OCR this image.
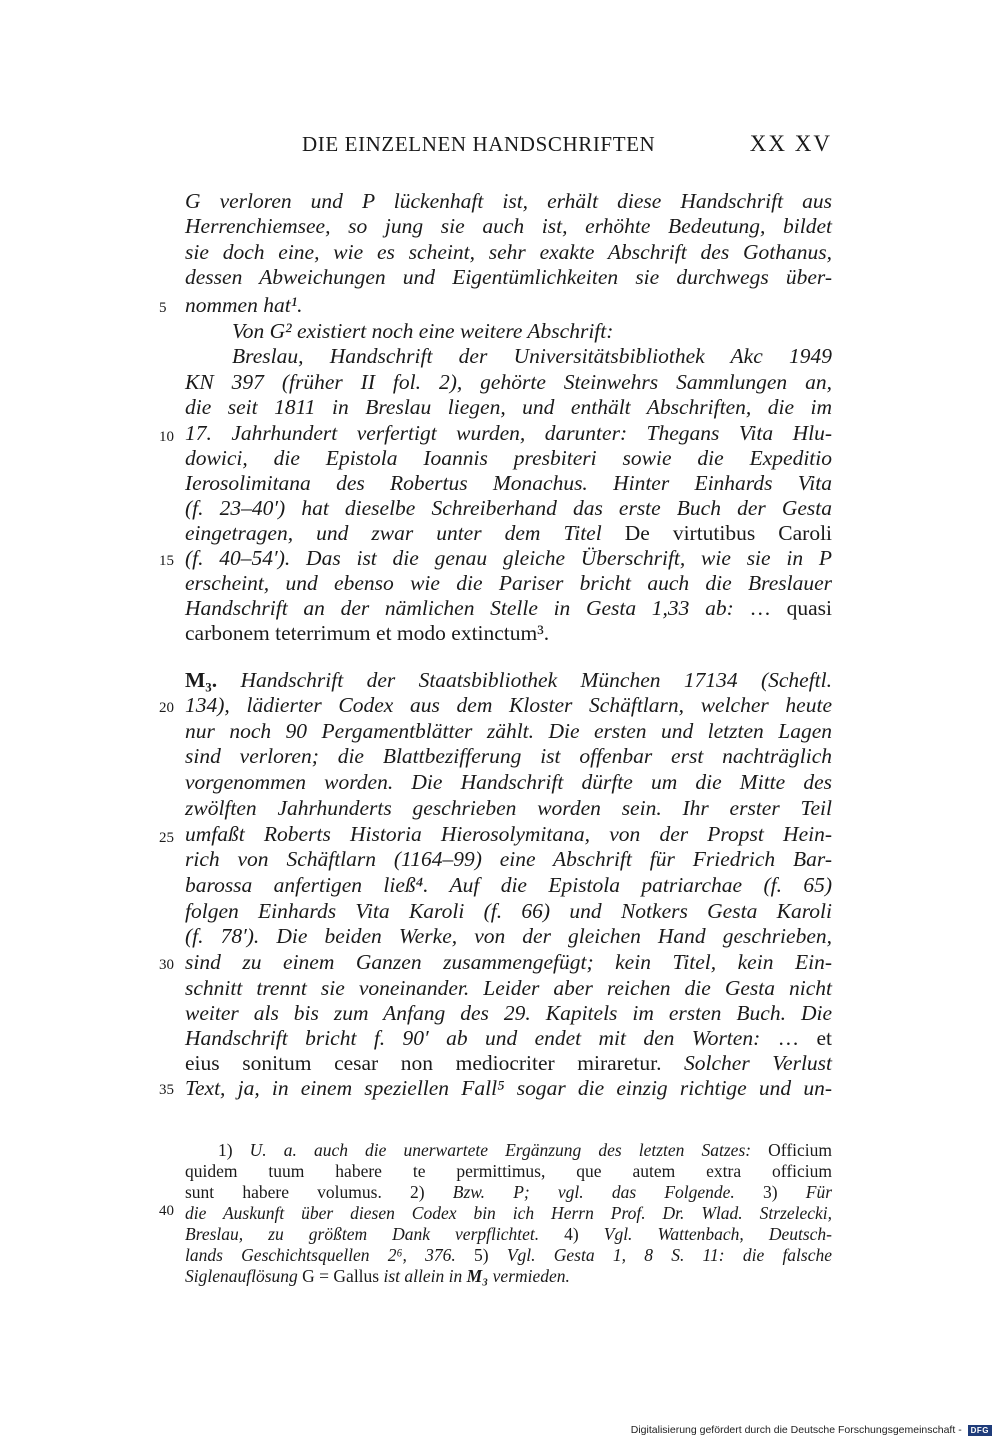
DIE EINZELNEN HANDSCHRIFTEN	XX XV
5
10
15
20
25
30
35
40
G verloren und P lückenhaft ist, erhält diese Handschrift aus
Herrenchiemsee, so jung sie auch ist, erhöhte Bedeutung, bildet
sie doch eine, wie es scheint, sehr exakte Abschrift des Gothanus,
dessen Abweichungen und Eigentümlichkeiten sie durchwegs über-
nommen hat¹.
Von G² existiert noch eine weitere Abschrift:
Breslau, Handschrift der Universitätsbibliothek Akc 1949
KN 397 (früher II fol. 2), gehörte Steinwehrs Sammlungen an,
die seit 1811 in Breslau liegen, und enthält Abschriften, die im
17. Jahrhundert verfertigt wurden, darunter: Thegans Vita Hlu-
dowici, die Epistola Ioannis presbiteri sowie die Expeditio
Ierosolimitana des Robertus Monachus. Hinter Einhards Vita
(f. 23–40′) hat dieselbe Schreiberhand das erste Buch der Gesta
eingetragen, und zwar unter dem Titel De virtutibus Caroli
(f. 40–54′). Das ist die genau gleiche Überschrift, wie sie in P
erscheint, und ebenso wie die Pariser bricht auch die Breslauer
Handschrift an der nämlichen Stelle in Gesta 1,33 ab: … quasi
carbonem teterrimum et modo extinctum³.
M₃. Handschrift der Staatsbibliothek München 17134 (Scheftl.
134), lädierter Codex aus dem Kloster Schäftlarn, welcher heute
nur noch 90 Pergamentblätter zählt. Die ersten und letzten Lagen
sind verloren; die Blattbezifferung ist offenbar erst nachträglich
vorgenommen worden. Die Handschrift dürfte um die Mitte des
zwölften Jahrhunderts geschrieben worden sein. Ihr erster Teil
umfaßt Roberts Historia Hierosolymitana, von der Propst Hein-
rich von Schäftlarn (1164–99) eine Abschrift für Friedrich Bar-
barossa anfertigen ließ⁴. Auf die Epistola patriarchae (f. 65)
folgen Einhards Vita Karoli (f. 66) und Notkers Gesta Karoli
(f. 78′). Die beiden Werke, von der gleichen Hand geschrieben,
sind zu einem Ganzen zusammengefügt; kein Titel, kein Ein-
schnitt trennt sie voneinander. Leider aber reichen die Gesta nicht
weiter als bis zum Anfang des 29. Kapitels im ersten Buch. Die
Handschrift bricht f. 90′ ab und endet mit den Worten: … et
eius sonitum cesar non mediocriter miraretur. Solcher Verlust
Text, ja, in einem speziellen Fall⁵ sogar die einzig richtige und un-
1) U. a. auch die unerwartete Ergänzung des letzten Satzes: Officium
quidem tuum habere te permittimus, que autem extra officium
sunt habere volumus. 2) Bzw. P; vgl. das Folgende. 3) Für
die Auskunft über diesen Codex bin ich Herrn Prof. Dr. Wlad. Strzelecki,
Breslau, zu größtem Dank verpflichtet. 4) Vgl. Wattenbach, Deutsch-
lands Geschichtsquellen 2⁶, 376. 5) Vgl. Gesta 1, 8 S. 11: die falsche
Siglenauflösung G = Gallus ist allein in M₃ vermieden.
Digitalisierung gefördert durch die Deutsche Forschungsgemeinschaft - DFG
